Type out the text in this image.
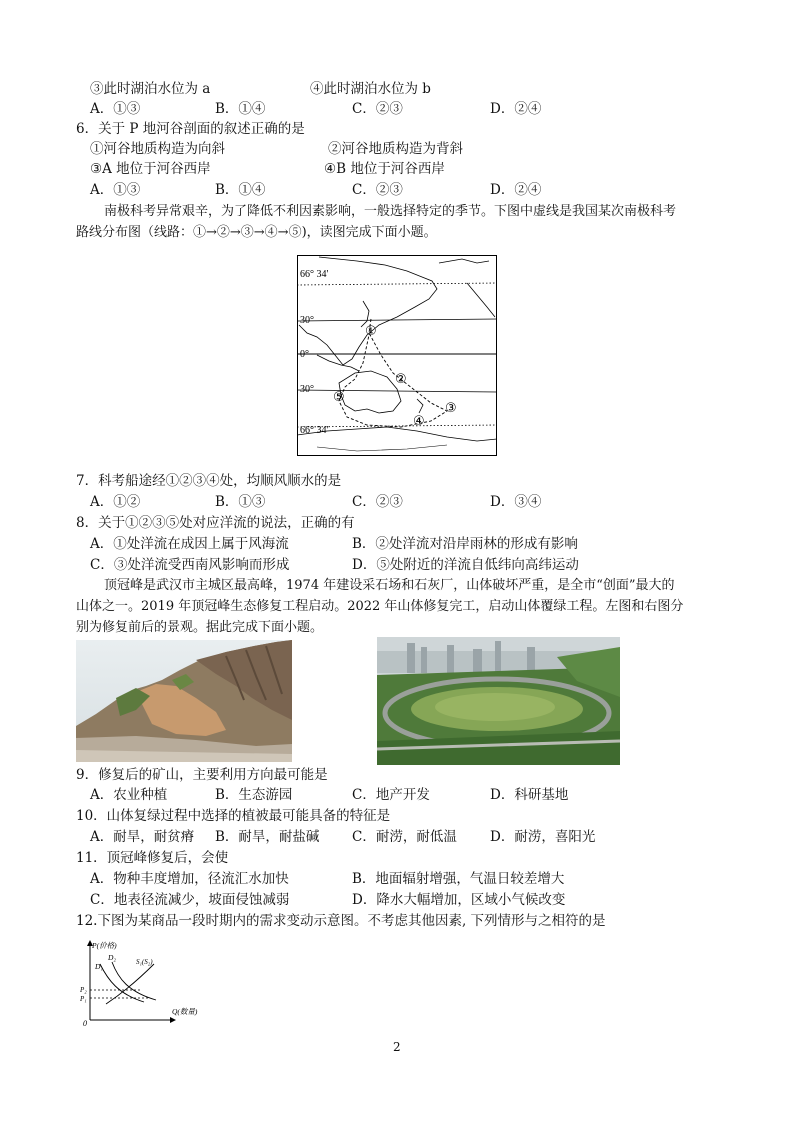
③此时湖泊水位为 a	④此时湖泊水位为 b
A．①③	B．①④	C．②③	D．②④
6．关于 P 地河谷剖面的叙述正确的是
①河谷地质构造为向斜	②河谷地质构造为背斜
③A 地位于河谷西岸	④B 地位于河谷西岸
A．①③	B．①④	C．②③	D．②④
南极科考异常艰辛，为了降低不利因素影响，一般选择特定的季节。下图中虚线是我国某次南极科考
路线分布图（线路：①→②→③→④→⑤)，读图完成下面小题。
66° 34'
30°
0°
30°
66° 34'
①
②
③
④
⑤
7．科考船途经①②③④处，均顺风顺水的是
A．①②	B．①③	C．②③	D．③④
8．关于①②③⑤处对应洋流的说法，正确的有
A．①处洋流在成因上属于风海流	B．②处洋流对沿岸雨林的形成有影响
C．③处洋流受西南风影响而形成	D．⑤处附近的洋流自低纬向高纬运动
顶冠峰是武汉市主城区最高峰，1974 年建设采石场和石灰厂，山体破坏严重，是全市“创面”最大的
山体之一。2019 年顶冠峰生态修复工程启动。2022 年山体修复完工，启动山体覆绿工程。左图和右图分
别为修复前后的景观。据此完成下面小题。
9．修复后的矿山，主要利用方向最可能是
A．农业种植	B．生态游园	C．地产开发	D．科研基地
10．山体复绿过程中选择的植被最可能具备的特征是
A．耐旱，耐贫瘠 B．耐旱，耐盐碱 C．耐涝，耐低温 D．耐涝，喜阳光
11．顶冠峰修复后，会使
A．物种丰度增加，径流汇水加快	B．地面辐射增强，气温日较差增大
C．地表径流减少，坡面侵蚀减弱	D．降水大幅增加，区域小气候改变
12.下图为某商品一段时期内的需求变动示意图。不考虑其他因素, 下列情形与之相符的是
P(价格)
Q(数量)
0
D₂
D₁	S₁(S₂)
P₂
P₁
2
